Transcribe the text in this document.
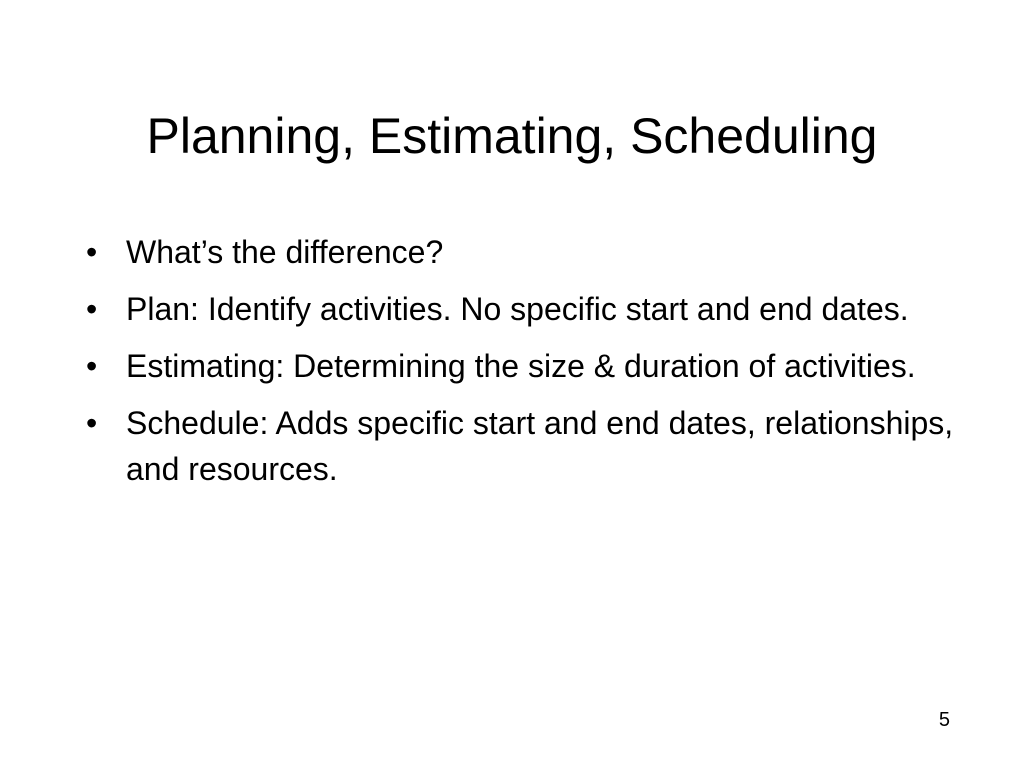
Planning, Estimating, Scheduling
• What’s the difference?
• Plan: Identify activities. No specific start and end dates.
• Estimating: Determining the size & duration of activities.
• Schedule: Adds specific start and end dates, relationships, and resources.
5
